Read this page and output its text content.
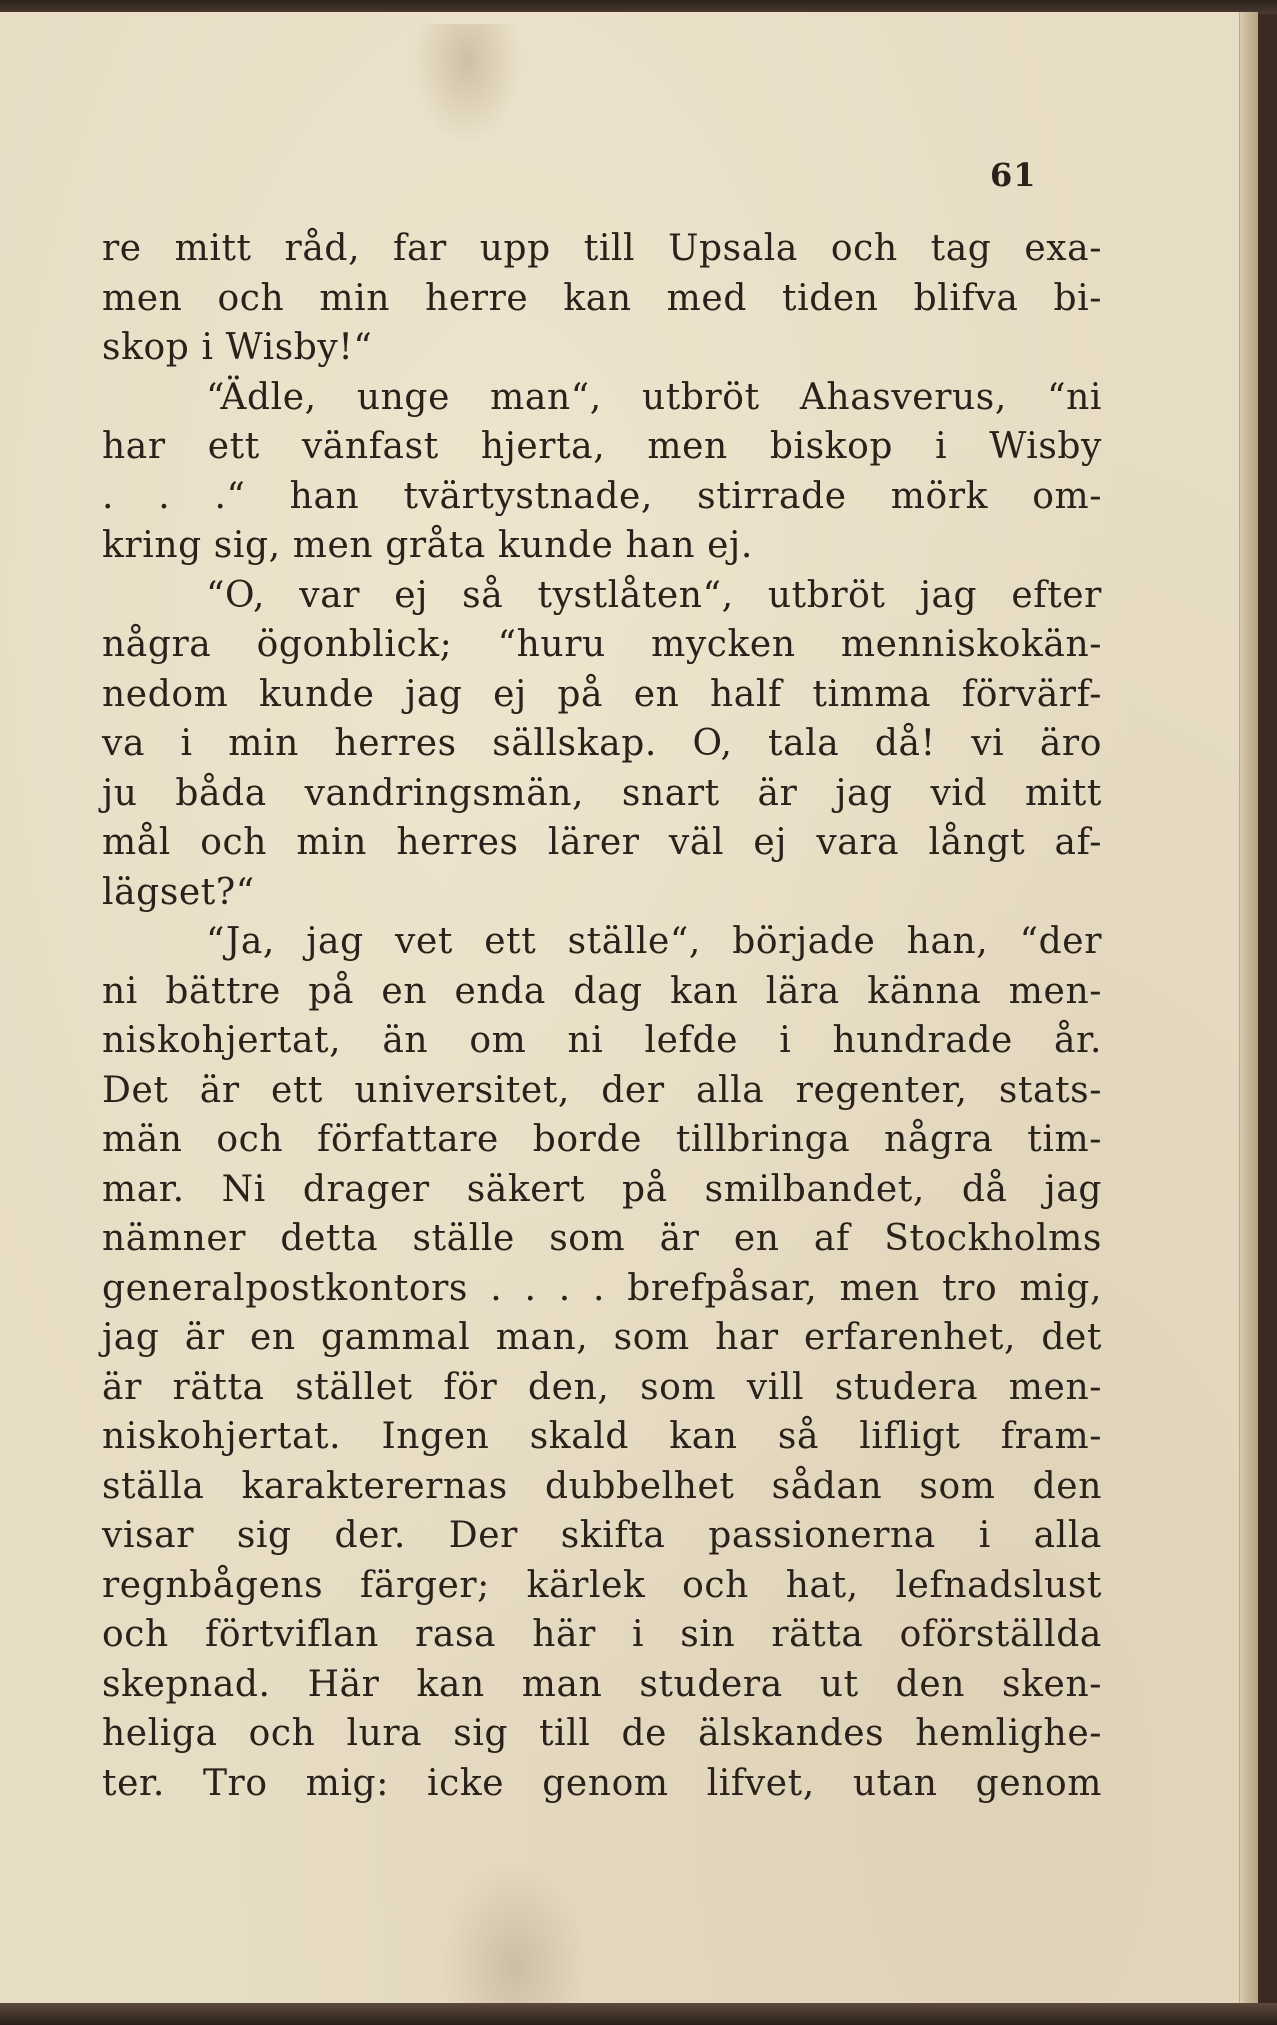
61
re mitt råd, far upp till Upsala och tag exa-
men och min herre kan med tiden blifva bi-
skop i Wisby!“
“Ädle, unge man“, utbröt Ahasverus, “ni
har ett vänfast hjerta, men biskop i Wisby
. . .“ han tvärtystnade, stirrade mörk om-
kring sig, men gråta kunde han ej.
“O, var ej så tystlåten“, utbröt jag efter
några ögonblick; “huru mycken menniskokän-
nedom kunde jag ej på en half timma förvärf-
va i min herres sällskap. O, tala då! vi äro
ju båda vandringsmän, snart är jag vid mitt
mål och min herres lärer väl ej vara långt af-
lägset?“
“Ja, jag vet ett ställe“, började han, “der
ni bättre på en enda dag kan lära känna men-
niskohjertat, än om ni lefde i hundrade år.
Det är ett universitet, der alla regenter, stats-
män och författare borde tillbringa några tim-
mar. Ni drager säkert på smilbandet, då jag
nämner detta ställe som är en af Stockholms
generalpostkontors . . . . brefpåsar, men tro mig,
jag är en gammal man, som har erfarenhet, det
är rätta stället för den, som vill studera men-
niskohjertat. Ingen skald kan så lifligt fram-
ställa karakterernas dubbelhet sådan som den
visar sig der. Der skifta passionerna i alla
regnbågens färger; kärlek och hat, lefnadslust
och förtviflan rasa här i sin rätta oförställda
skepnad. Här kan man studera ut den sken-
heliga och lura sig till de älskandes hemlighe-
ter. Tro mig: icke genom lifvet, utan genom
